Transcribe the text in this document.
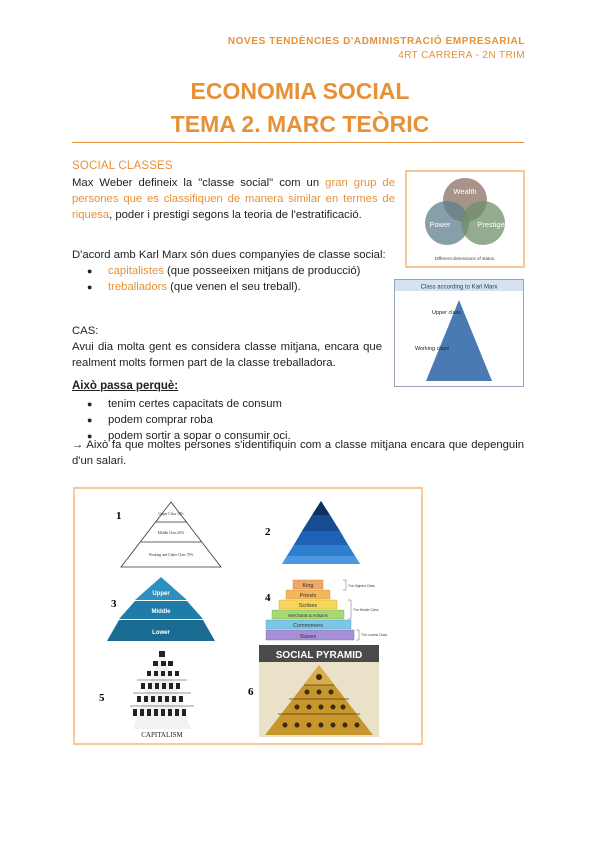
NOVES TENDÈNCIES D'ADMINISTRACIÓ EMPRESARIAL
4RT CARRERA - 2N TRIM
ECONOMIA SOCIAL
TEMA 2. MARC TEÒRIC
SOCIAL CLASSES
Max Weber defineix la "classe social" com un gran grup de persones que es classifiquen de manera similar en termes de riquesa, poder i prestigi segons la teoria de l'estratificació.
Wealth
Power	Prestige
Different dimensions of status.
D'acord amb Karl Marx són dues companyies de classe social:
● capitalistes (que posseeixen mitjans de producció)
● treballadors (que venen el seu treball).	Class according to Karl Marx
Upper class
Working class
CAS:
Avui dia molta gent es considera classe mitjana, encara que realment molts formen part de la classe treballadora.
Això passa perquè:
● tenim certes capacitats de consum
● podem comprar roba
● podem sortir a sopar o consumir oci.
→ Això fa que moltes persones s'identifiquin com a classe mitjana encara que depenguin d'un salari.
1
2
3	4
5	6
Upper Class 10%
Middle Class 20%
Working and Under Class 70%
Upper
Middle
Lower
King
Priests
Scribes
Merchants & Artisans
Commoners
Slaves
The Highest Class
The Middle Class
The Lowest Class
CAPITALISM
SOCIAL PYRAMID
